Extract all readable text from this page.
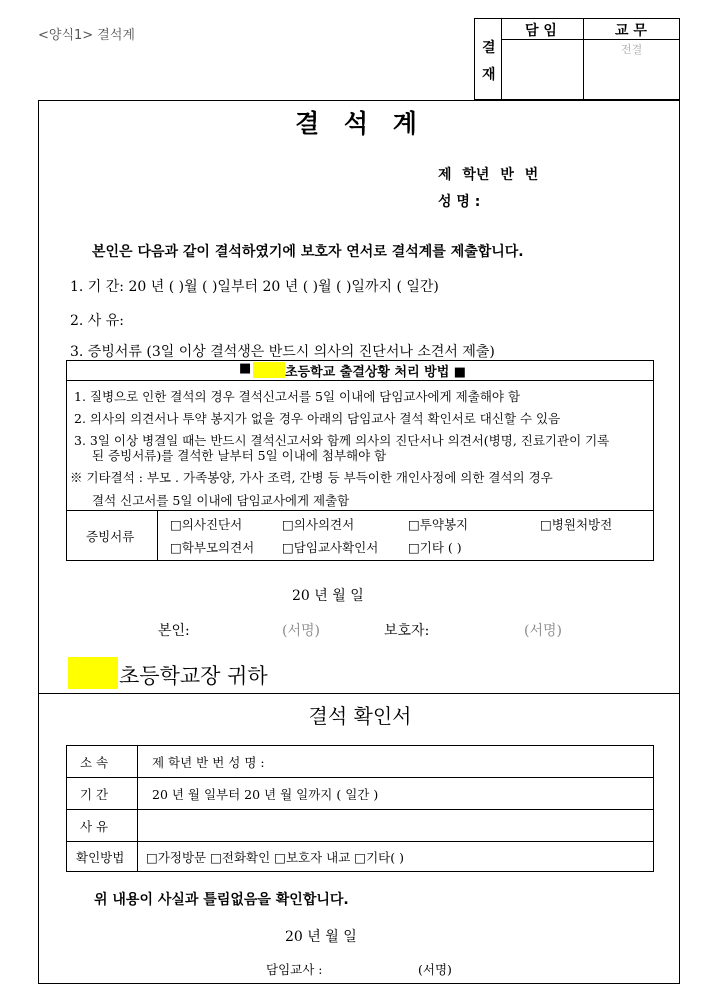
<양식1> 결석계
결
재
담 임	교 무
전결
결 석 계
제 학년 반 번
성 명 :
본인은 다음과 같이 결석하였기에 보호자 연서로 결석계를 제출합니다.
1. 기 간: 20 년 ( )월 ( )일부터 20 년 ( )월 ( )일까지 ( 일간)
2. 사 유:
3. 증빙서류 (3일 이상 결석생은 반드시 의사의 진단서나 소견서 제출)
■	초등학교 출결상황 처리 방법 ■
1. 질병으로 인한 결석의 경우 결석신고서를 5일 이내에 담임교사에게 제출해야 함
2. 의사의 의견서나 투약 봉지가 없을 경우 아래의 담임교사 결석 확인서로 대신할 수 있음
3. 3일 이상 병결일 때는 반드시 결석신고서와 함께 의사의 진단서나 의견서(병명, 진료기관이 기록
된 증빙서류)를 결석한 날부터 5일 이내에 첨부해야 함
※ 기타결석 : 부모 . 가족봉양, 가사 조력, 간병 등 부득이한 개인사정에 의한 결석의 경우
결석 신고서를 5일 이내에 담임교사에게 제출함
증빙서류
□의사진단서	□의사의견서	□투약봉지	□병원처방전
□학부모의견서 □담임교사확인서 □기타 ( )
20 년 월 일
본인:	(서명)	보호자:	(서명)
초등학교장 귀하
결석 확인서
소 속	제 학년 반 번 성 명 :
기 간	20 년 월 일부터 20 년 월 일까지 ( 일간 )
사 유
확인방법 □가정방문 □전화확인 □보호자 내교 □기타( )
위 내용이 사실과 틀림없음을 확인합니다.
20 년 월 일
담임교사 :	(서명)
